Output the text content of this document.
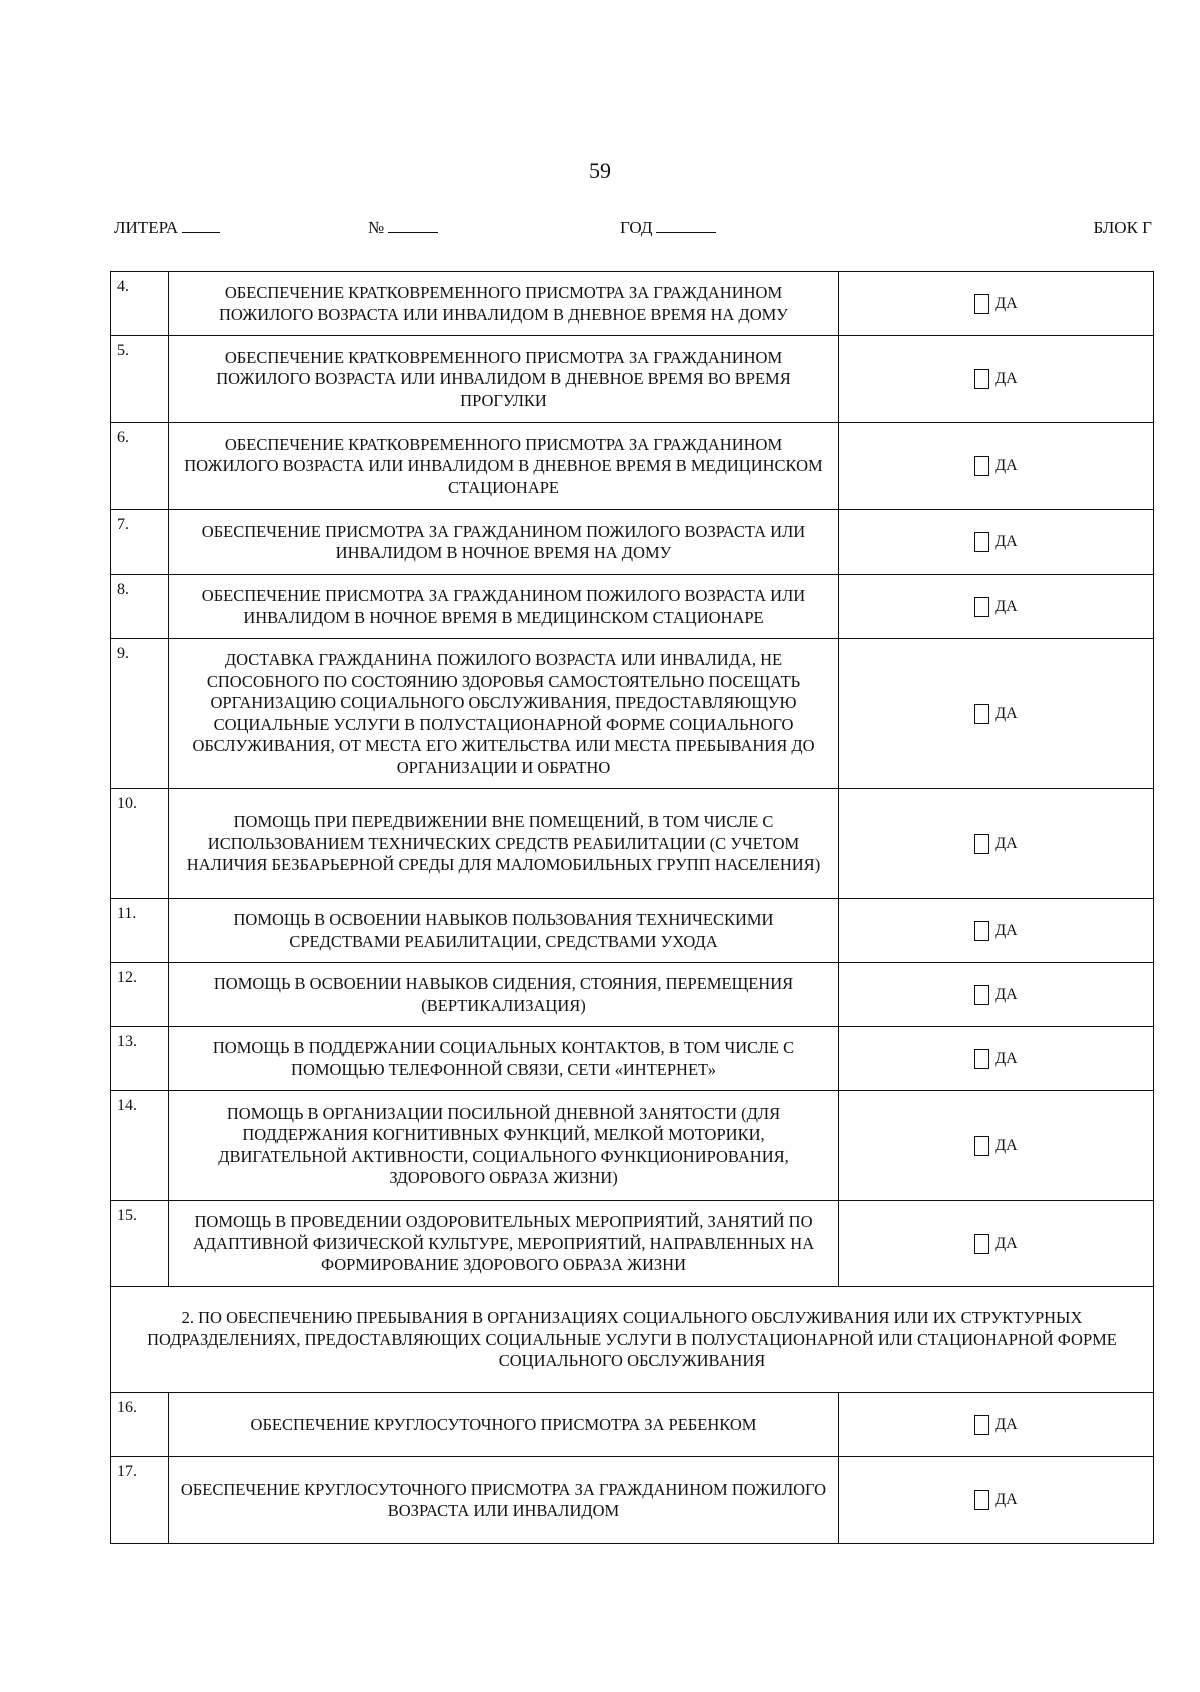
59
ЛИТЕРА	№	ГОД	БЛОК Г
4.	ОБЕСПЕЧЕНИЕ КРАТКОВРЕМЕННОГО ПРИСМОТРА ЗА ГРАЖДАНИНОМ ПОЖИЛОГО ВОЗРАСТА ИЛИ ИНВАЛИДОМ В ДНЕВНОЕ ВРЕМЯ НА ДОМУ	ДА
5.	ОБЕСПЕЧЕНИЕ КРАТКОВРЕМЕННОГО ПРИСМОТРА ЗА ГРАЖДАНИНОМ ПОЖИЛОГО ВОЗРАСТА ИЛИ ИНВАЛИДОМ В ДНЕВНОЕ ВРЕМЯ ВО ВРЕМЯ ПРОГУЛКИ	ДА
6.	ОБЕСПЕЧЕНИЕ КРАТКОВРЕМЕННОГО ПРИСМОТРА ЗА ГРАЖДАНИНОМ ПОЖИЛОГО ВОЗРАСТА ИЛИ ИНВАЛИДОМ В ДНЕВНОЕ ВРЕМЯ В МЕДИЦИНСКОМ СТАЦИОНАРЕ	ДА
7.	ОБЕСПЕЧЕНИЕ ПРИСМОТРА ЗА ГРАЖДАНИНОМ ПОЖИЛОГО ВОЗРАСТА ИЛИ ИНВАЛИДОМ В НОЧНОЕ ВРЕМЯ НА ДОМУ	ДА
8.	ОБЕСПЕЧЕНИЕ ПРИСМОТРА ЗА ГРАЖДАНИНОМ ПОЖИЛОГО ВОЗРАСТА ИЛИ ИНВАЛИДОМ В НОЧНОЕ ВРЕМЯ В МЕДИЦИНСКОМ СТАЦИОНАРЕ	ДА
9.	ДОСТАВКА ГРАЖДАНИНА ПОЖИЛОГО ВОЗРАСТА ИЛИ ИНВАЛИДА, НЕ СПОСОБНОГО ПО СОСТОЯНИЮ ЗДОРОВЬЯ САМОСТОЯТЕЛЬНО ПОСЕЩАТЬ ОРГАНИЗАЦИЮ СОЦИАЛЬНОГО ОБСЛУЖИВАНИЯ, ПРЕДОСТАВЛЯЮЩУЮ СОЦИАЛЬНЫЕ УСЛУГИ В ПОЛУСТАЦИОНАРНОЙ ФОРМЕ СОЦИАЛЬНОГО ОБСЛУЖИВАНИЯ, ОТ МЕСТА ЕГО ЖИТЕЛЬСТВА ИЛИ МЕСТА ПРЕБЫВАНИЯ ДО ОРГАНИЗАЦИИ И ОБРАТНО	ДА
10.	ПОМОЩЬ ПРИ ПЕРЕДВИЖЕНИИ ВНЕ ПОМЕЩЕНИЙ, В ТОМ ЧИСЛЕ С ИСПОЛЬЗОВАНИЕМ ТЕХНИЧЕСКИХ СРЕДСТВ РЕАБИЛИТАЦИИ (С УЧЕТОМ НАЛИЧИЯ БЕЗБАРЬЕРНОЙ СРЕДЫ ДЛЯ МАЛОМОБИЛЬНЫХ ГРУПП НАСЕЛЕНИЯ)	ДА
11.	ПОМОЩЬ В ОСВОЕНИИ НАВЫКОВ ПОЛЬЗОВАНИЯ ТЕХНИЧЕСКИМИ СРЕДСТВАМИ РЕАБИЛИТАЦИИ, СРЕДСТВАМИ УХОДА	ДА
12.	ПОМОЩЬ В ОСВОЕНИИ НАВЫКОВ СИДЕНИЯ, СТОЯНИЯ, ПЕРЕМЕЩЕНИЯ (ВЕРТИКАЛИЗАЦИЯ)	ДА
13.	ПОМОЩЬ В ПОДДЕРЖАНИИ СОЦИАЛЬНЫХ КОНТАКТОВ, В ТОМ ЧИСЛЕ С ПОМОЩЬЮ ТЕЛЕФОННОЙ СВЯЗИ, СЕТИ «ИНТЕРНЕТ»	ДА
14.	ПОМОЩЬ В ОРГАНИЗАЦИИ ПОСИЛЬНОЙ ДНЕВНОЙ ЗАНЯТОСТИ (ДЛЯ ПОДДЕРЖАНИЯ КОГНИТИВНЫХ ФУНКЦИЙ, МЕЛКОЙ МОТОРИКИ, ДВИГАТЕЛЬНОЙ АКТИВНОСТИ, СОЦИАЛЬНОГО ФУНКЦИОНИРОВАНИЯ, ЗДОРОВОГО ОБРАЗА ЖИЗНИ)	ДА
15.	ПОМОЩЬ В ПРОВЕДЕНИИ ОЗДОРОВИТЕЛЬНЫХ МЕРОПРИЯТИЙ, ЗАНЯТИЙ ПО АДАПТИВНОЙ ФИЗИЧЕСКОЙ КУЛЬТУРЕ, МЕРОПРИЯТИЙ, НАПРАВЛЕННЫХ НА ФОРМИРОВАНИЕ ЗДОРОВОГО ОБРАЗА ЖИЗНИ	ДА
2. ПО ОБЕСПЕЧЕНИЮ ПРЕБЫВАНИЯ В ОРГАНИЗАЦИЯХ СОЦИАЛЬНОГО ОБСЛУЖИВАНИЯ ИЛИ ИХ СТРУКТУРНЫХ ПОДРАЗДЕЛЕНИЯХ, ПРЕДОСТАВЛЯЮЩИХ СОЦИАЛЬНЫЕ УСЛУГИ В ПОЛУСТАЦИОНАРНОЙ ИЛИ СТАЦИОНАРНОЙ ФОРМЕ СОЦИАЛЬНОГО ОБСЛУЖИВАНИЯ		
16.	ОБЕСПЕЧЕНИЕ КРУГЛОСУТОЧНОГО ПРИСМОТРА ЗА РЕБЕНКОМ	ДА
17.	ОБЕСПЕЧЕНИЕ КРУГЛОСУТОЧНОГО ПРИСМОТРА ЗА ГРАЖДАНИНОМ ПОЖИЛОГО ВОЗРАСТА ИЛИ ИНВАЛИДОМ	ДА
